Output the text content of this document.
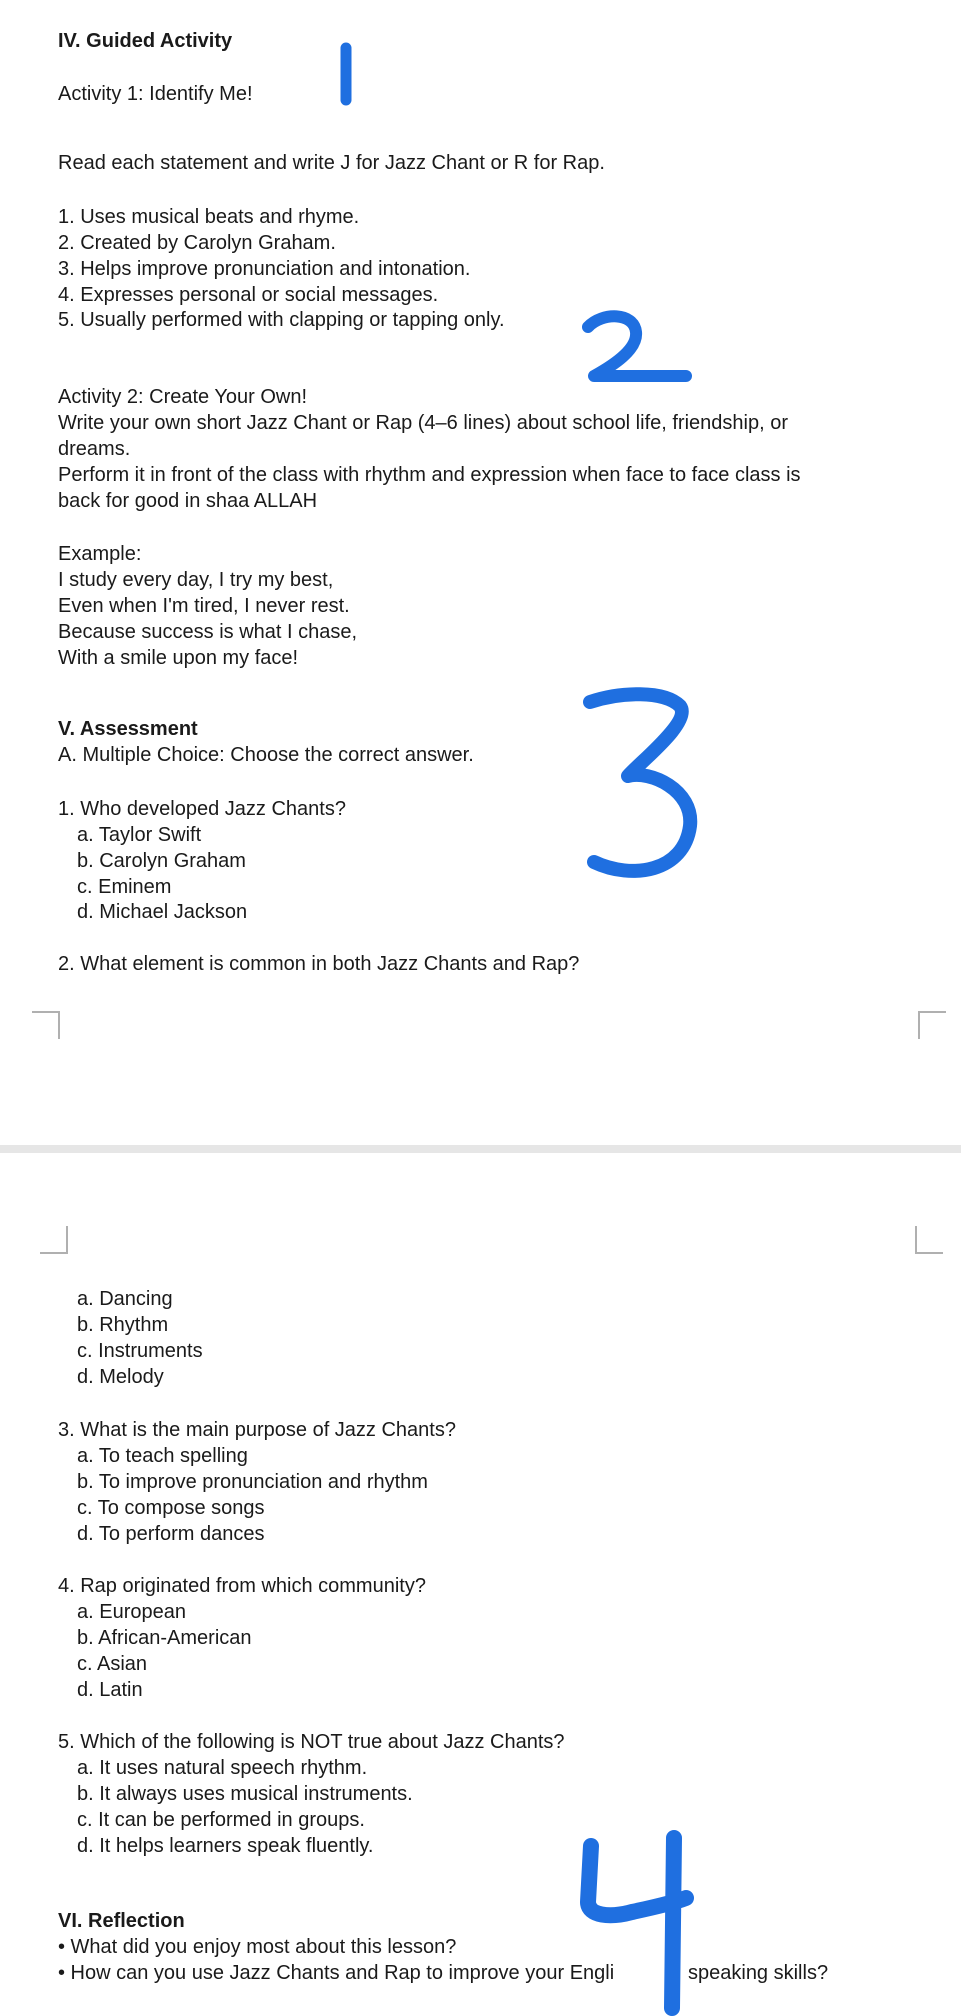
IV. Guided Activity
Activity 1: Identify Me!
Read each statement and write J for Jazz Chant or R for Rap.
1. Uses musical beats and rhyme.
2. Created by Carolyn Graham.
3. Helps improve pronunciation and intonation.
4. Expresses personal or social messages.
5. Usually performed with clapping or tapping only.
Activity 2: Create Your Own!
Write your own short Jazz Chant or Rap (4–6 lines) about school life, friendship, or
dreams.
Perform it in front of the class with rhythm and expression when face to face class is
back for good in shaa ALLAH
Example:
I study every day, I try my best,
Even when I'm tired, I never rest.
Because success is what I chase,
With a smile upon my face!
V. Assessment
A. Multiple Choice: Choose the correct answer.
1. Who developed Jazz Chants?
a. Taylor Swift
b. Carolyn Graham
c. Eminem
d. Michael Jackson
2. What element is common in both Jazz Chants and Rap?
a. Dancing
b. Rhythm
c. Instruments
d. Melody
3. What is the main purpose of Jazz Chants?
a. To teach spelling
b. To improve pronunciation and rhythm
c. To compose songs
d. To perform dances
4. Rap originated from which community?
a. European
b. African-American
c. Asian
d. Latin
5. Which of the following is NOT true about Jazz Chants?
a. It uses natural speech rhythm.
b. It always uses musical instruments.
c. It can be performed in groups.
d. It helps learners speak fluently.
VI. Reflection
• What did you enjoy most about this lesson?
• How can you use Jazz Chants and Rap to improve your Engli	speaking skills?
